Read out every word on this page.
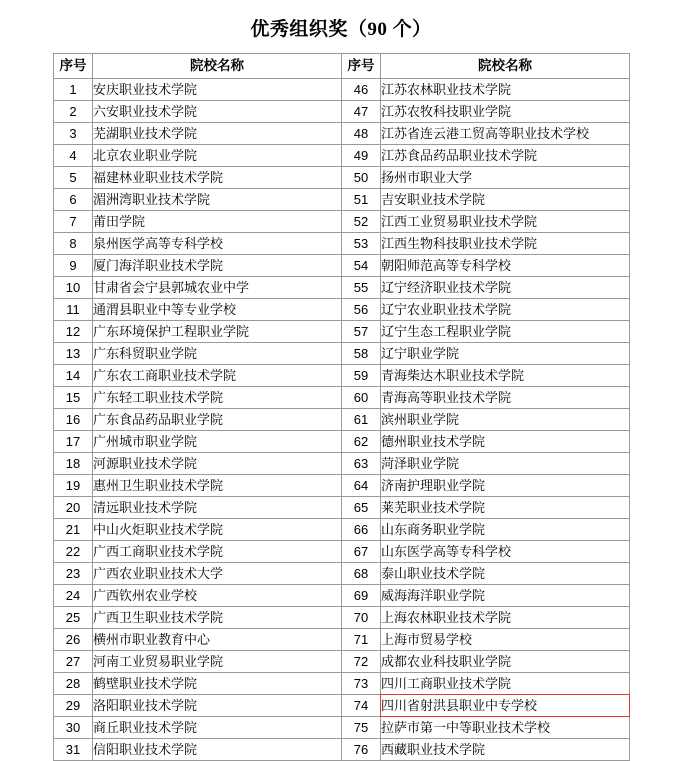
优秀组织奖（90 个）
序号	院校名称	序号	院校名称
1	安庆职业技术学院	46	江苏农林职业技术学院
2	六安职业技术学院	47	江苏农牧科技职业学院
3	芜湖职业技术学院	48	江苏省连云港工贸高等职业技术学校
4	北京农业职业学院	49	江苏食品药品职业技术学院
5	福建林业职业技术学院	50	扬州市职业大学
6	湄洲湾职业技术学院	51	吉安职业技术学院
7	莆田学院	52	江西工业贸易职业技术学院
8	泉州医学高等专科学校	53	江西生物科技职业技术学院
9	厦门海洋职业技术学院	54	朝阳师范高等专科学校
10	甘肃省会宁县郭城农业中学	55	辽宁经济职业技术学院
11	通渭县职业中等专业学校	56	辽宁农业职业技术学院
12	广东环境保护工程职业学院	57	辽宁生态工程职业学院
13	广东科贸职业学院	58	辽宁职业学院
14	广东农工商职业技术学院	59	青海柴达木职业技术学院
15	广东轻工职业技术学院	60	青海高等职业技术学院
16	广东食品药品职业学院	61	滨州职业学院
17	广州城市职业学院	62	德州职业技术学院
18	河源职业技术学院	63	菏泽职业学院
19	惠州卫生职业技术学院	64	济南护理职业学院
20	清远职业技术学院	65	莱芜职业技术学院
21	中山火炬职业技术学院	66	山东商务职业学院
22	广西工商职业技术学院	67	山东医学高等专科学校
23	广西农业职业技术大学	68	泰山职业技术学院
24	广西钦州农业学校	69	威海海洋职业学院
25	广西卫生职业技术学院	70	上海农林职业技术学院
26	横州市职业教育中心	71	上海市贸易学校
27	河南工业贸易职业学院	72	成都农业科技职业学院
28	鹤壁职业技术学院	73	四川工商职业技术学院
29	洛阳职业技术学院	74	四川省射洪县职业中专学校
30	商丘职业技术学院	75	拉萨市第一中等职业技术学校
31	信阳职业技术学院	76	西藏职业技术学院
